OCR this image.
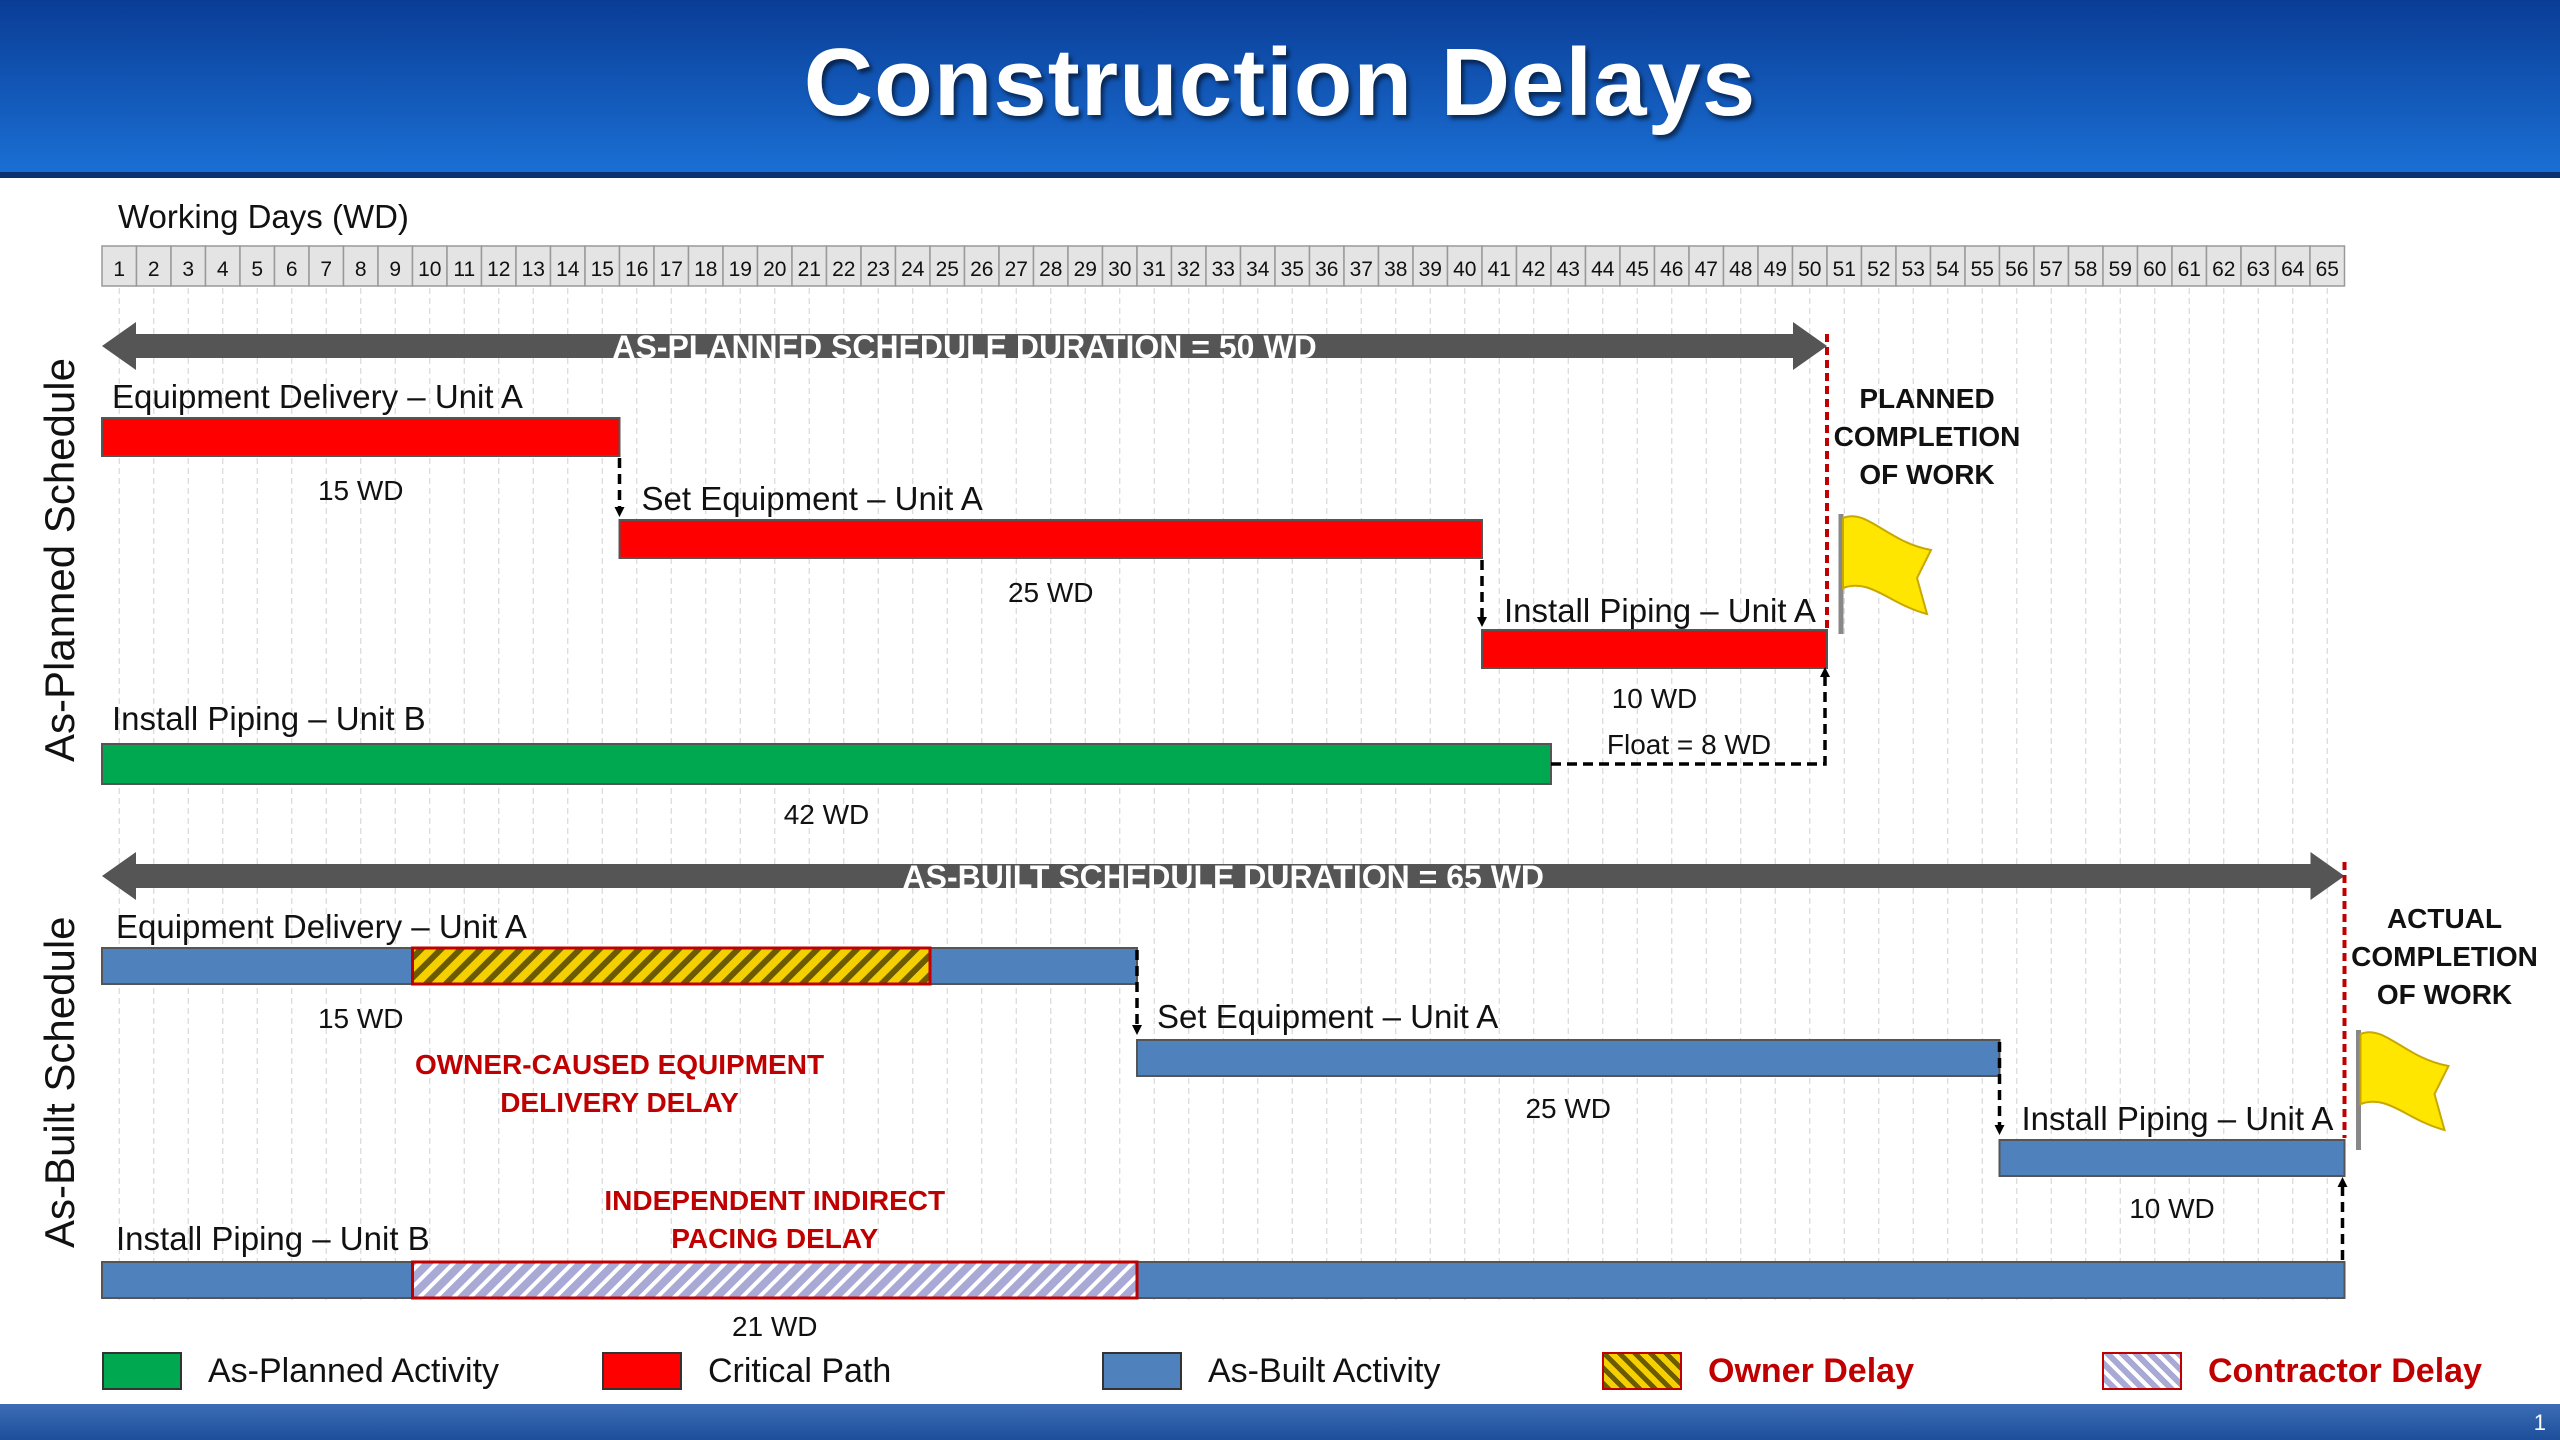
Construction Delays
Working Days (WD)
As-Planned Schedule
As-Built Schedule
1 2 3 4 5 6 7 8 9 10 11 12 13 14 15 16 17 18 19 20 21 22 23 24 25 26 27 28 29 30 31 32 33 34 35 36 37 38 39 40 41 42 43 44 45 46 47 48 49 50 51 52 53 54 55 56 57 58 59 60 61 62 63 64 65
AS-PLANNED SCHEDULE DURATION = 50 WD
AS-BUILT SCHEDULE DURATION = 65 WD
Equipment Delivery – Unit A
15 WD	Set Equipment – Unit A
25 WD	Install Piping – Unit A
10 WD
Install Piping – Unit B
42 WD
Float = 8 WD
Equipment Delivery – Unit A
15 WD
OWNER-CAUSED EQUIPMENT
DELIVERY DELAY
Set Equipment – Unit A
25 WD	Install Piping – Unit A
10 WD
INDEPENDENT INDIRECT
PACING DELAY
Install Piping – Unit B
21 WD
PLANNED
COMPLETION
OF WORK
ACTUAL
COMPLETION
OF WORK
As-Planned Activity	Critical Path	As-Built Activity	Owner Delay	Contractor Delay
1
